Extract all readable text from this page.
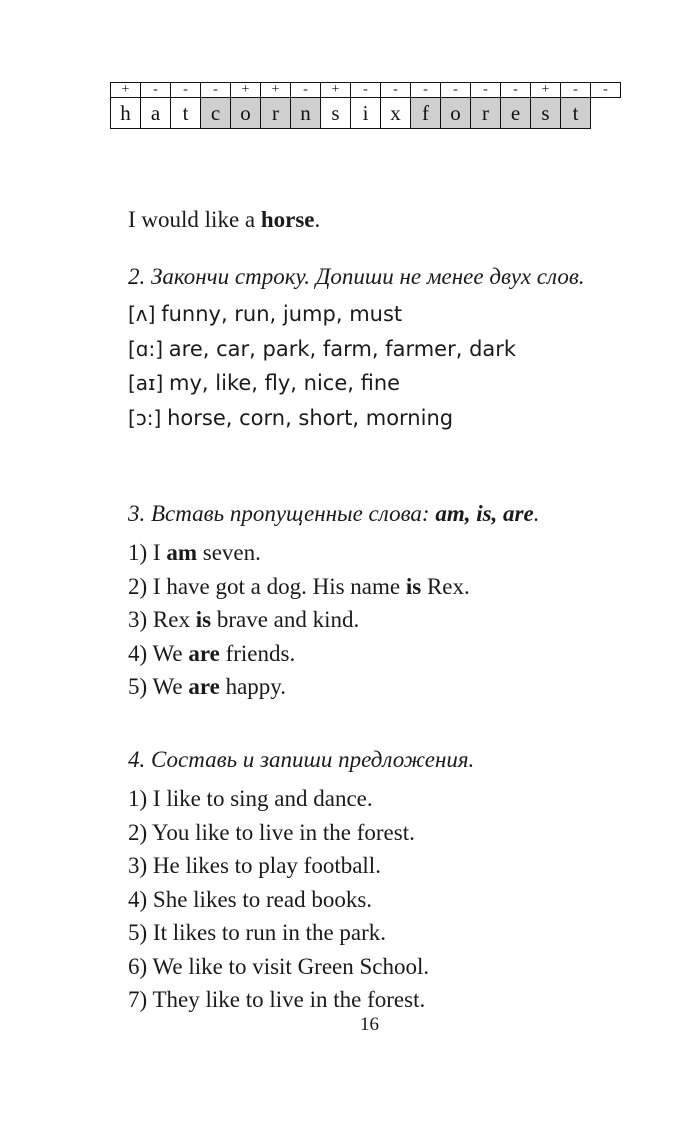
+	-	-	-	+	+	-	+	-	-	-	-	-	-	+	-	-
h	a	t	c	o	r	n	s	i	x	f	o	r	e	s	t	
I would like a horse.
2. Закончи строку. Допиши не менее двух слов.
[ʌ] funny, run, jump, must
[ɑ:] are, car, park, farm, farmer, dark
[aɪ] my, like, fly, nice, fine
[ɔ:] horse, corn, short, morning
3. Вставь пропущенные слова: am, is, are.
1) I am seven.
2) I have got a dog. His name is Rex.
3) Rex is brave and kind.
4) We are friends.
5) We are happy.
4. Составь и запиши предложения.
1) I like to sing and dance.
2) You like to live in the forest.
3) He likes to play football.
4) She likes to read books.
5) It likes to run in the park.
6) We like to visit Green School.
7) They like to live in the forest.
16
